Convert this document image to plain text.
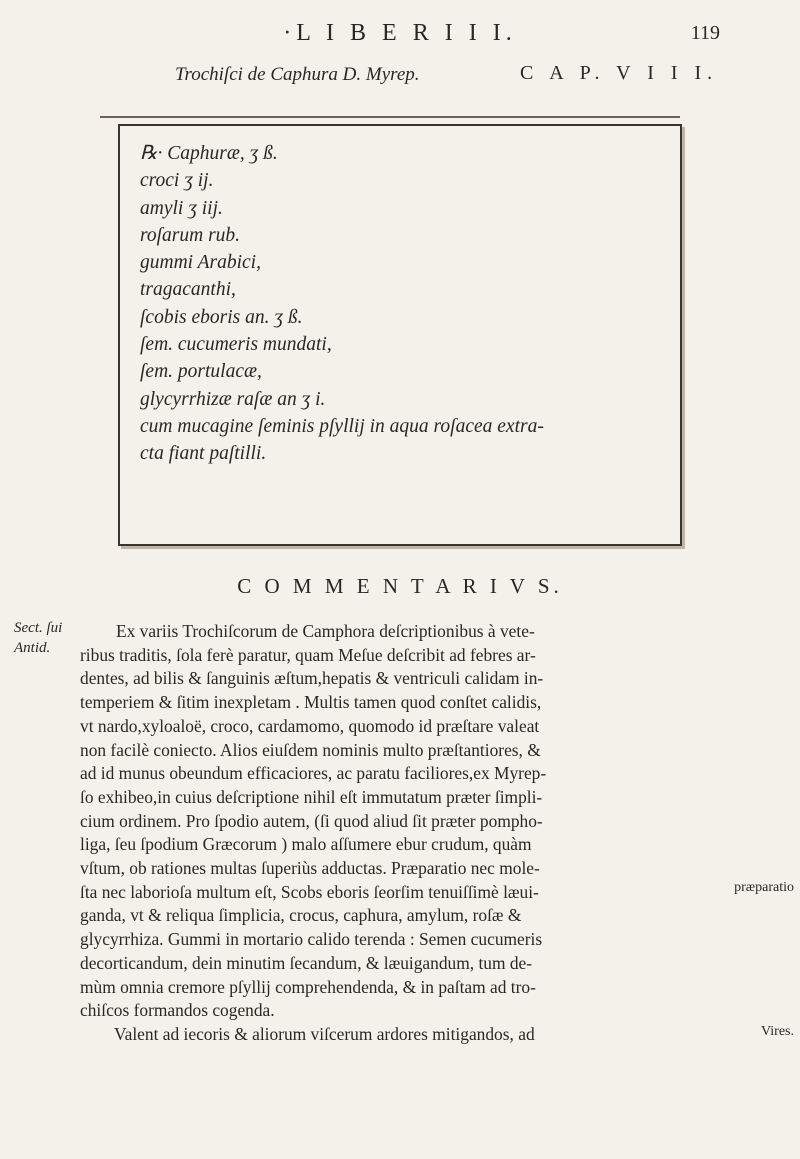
·L I B E R I I I.	119
Trochiſci de Caphura D. Myrep.	C A P. V I I I.
℞· Caphuræ, ʒ ß.
croci ʒ ij.
amyli ʒ iij.
roſarum rub.
gummi Arabici,
tragacanthi,
ſcobis eboris an. ʒ ß.
ſem. cucumeris mundati,
ſem. portulacæ,
glycyrrhizæ raſæ an ʒ i.
cum mucagine ſeminis pſyllij in aqua roſacea extra-
cta fiant paſtilli.
C O M M E N T A R I V S.
Sect. ſui
Antid.
præparatio
Vires.
Ex variis Trochiſcorum de Camphora deſcriptionibus à vete-
ribus traditis, ſola ferè paratur, quam Meſue deſcribit ad febres ar-
dentes, ad bilis & ſanguinis æſtum,hepatis & ventriculi calidam in-
temperiem & ſitim inexpletam . Multis tamen quod conſtet calidis,
vt nardo,xyloaloë, croco, cardamomo, quomodo id præſtare valeat
non facilè coniecto. Alios eiuſdem nominis multo præſtantiores, &
ad id munus obeundum efficaciores, ac paratu faciliores,ex Myrep-
ſo exhibeo,in cuius deſcriptione nihil eſt immutatum præter ſimpli-
cium ordinem. Pro ſpodio autem, (ſi quod aliud ſit præter pompho-
liga, ſeu ſpodium Græcorum ) malo aſſumere ebur crudum, quàm
vſtum, ob rationes multas ſuperiùs adductas. Præparatio nec mole-
ſta nec laborioſa multum eſt, Scobs eboris ſeorſim tenuiſſimè læui-
ganda, vt & reliqua ſimplicia, crocus, caphura, amylum, roſæ &
glycyrrhiza. Gummi in mortario calido terenda : Semen cucumeris
decorticandum, dein minutim ſecandum, & læuigandum, tum de-
mùm omnia cremore pſyllij comprehendenda, & in paſtam ad tro-
chiſcos formandos cogenda.
Valent ad iecoris & aliorum viſcerum ardores mitigandos, ad
